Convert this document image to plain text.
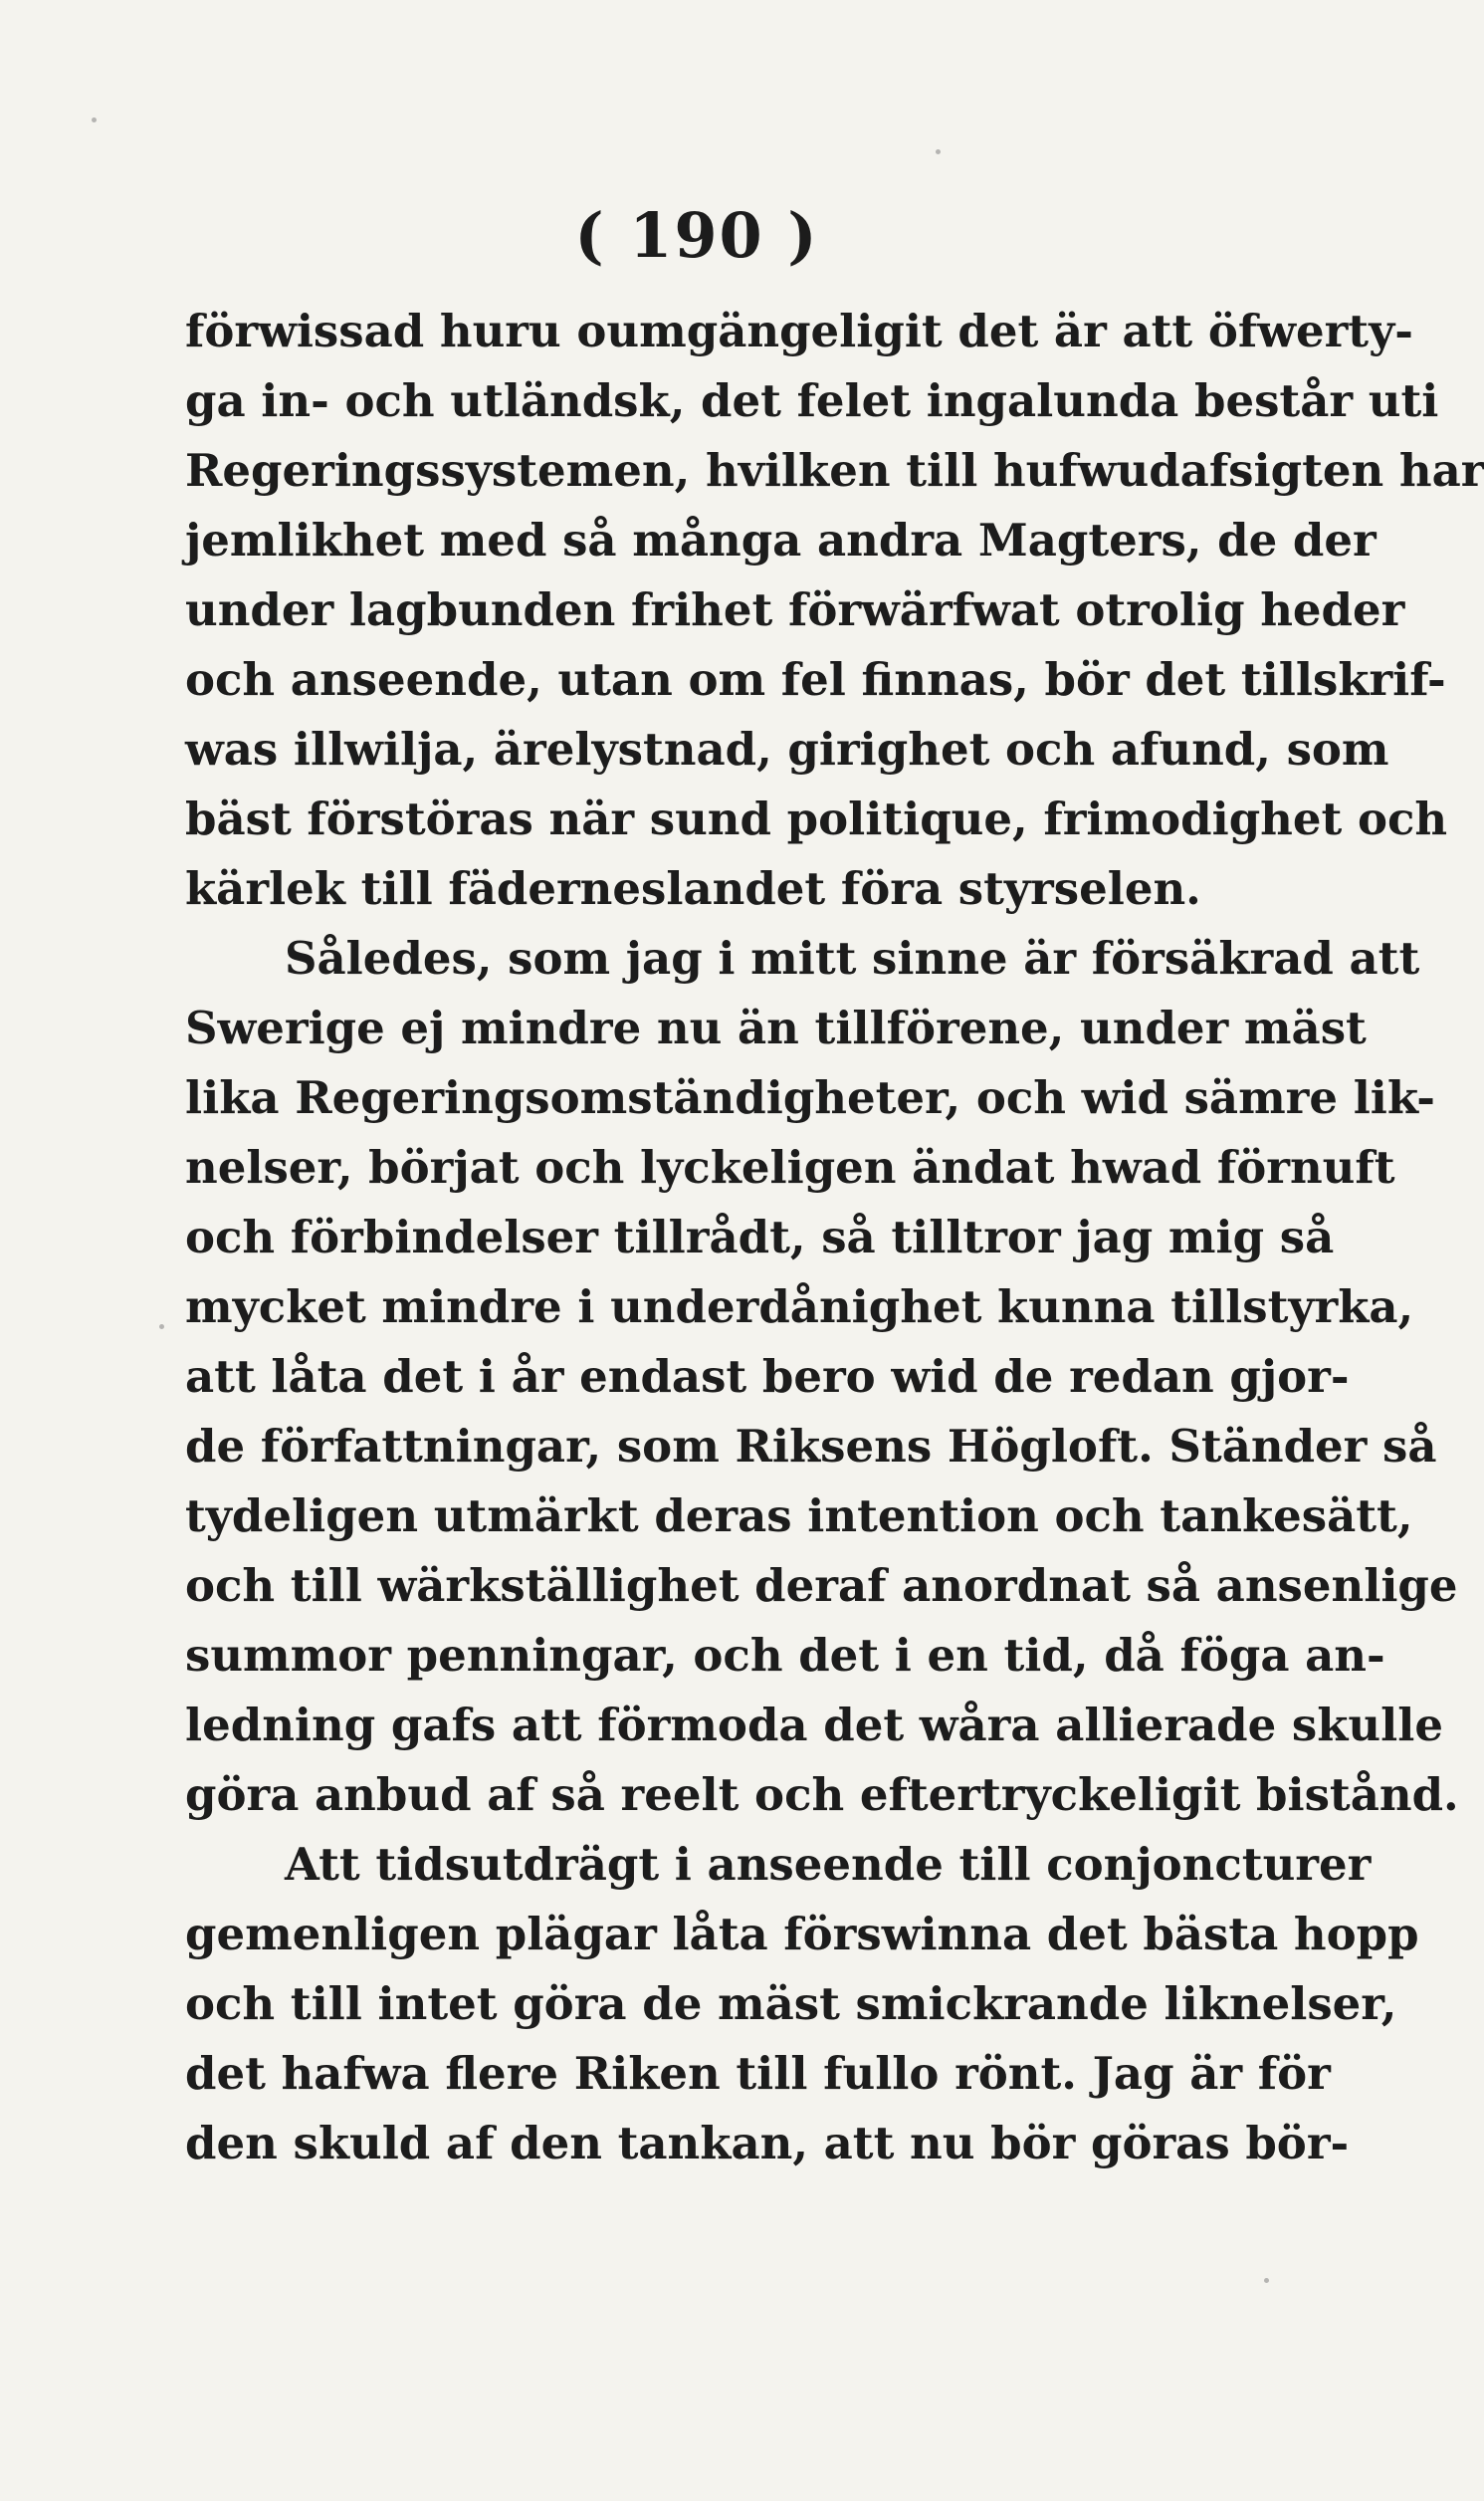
( 190 )
förwissad huru oumgängeligit det är att öfwerty-
ga in- och utländsk, det felet ingalunda består uti
Regeringssystemen, hvilken till hufwudafsigten har
jemlikhet med så många andra Magters, de der
under lagbunden frihet förwärfwat otrolig heder
och anseende, utan om fel finnas, bör det tillskrif-
was illwilja, ärelystnad, girighet och afund, som
bäst förstöras när sund politique, frimodighet och
kärlek till fäderneslandet föra styrselen.
Således, som jag i mitt sinne är försäkrad att
Swerige ej mindre nu än tillförene, under mäst
lika Regeringsomständigheter, och wid sämre lik-
nelser, börjat och lyckeligen ändat hwad förnuft
och förbindelser tillrådt, så tilltror jag mig så
mycket mindre i underdånighet kunna tillstyrka,
att låta det i år endast bero wid de redan gjor-
de författningar, som Riksens Högloft. Ständer så
tydeligen utmärkt deras intention och tankesätt,
och till wärkställighet deraf anordnat så ansenlige
summor penningar, och det i en tid, då föga an-
ledning gafs att förmoda det wåra allierade skulle
göra anbud af så reelt och eftertryckeligit bistånd.
Att tidsutdrägt i anseende till conjoncturer
gemenligen plägar låta förswinna det bästa hopp
och till intet göra de mäst smickrande liknelser,
det hafwa flere Riken till fullo rönt. Jag är för
den skuld af den tankan, att nu bör göras bör-
